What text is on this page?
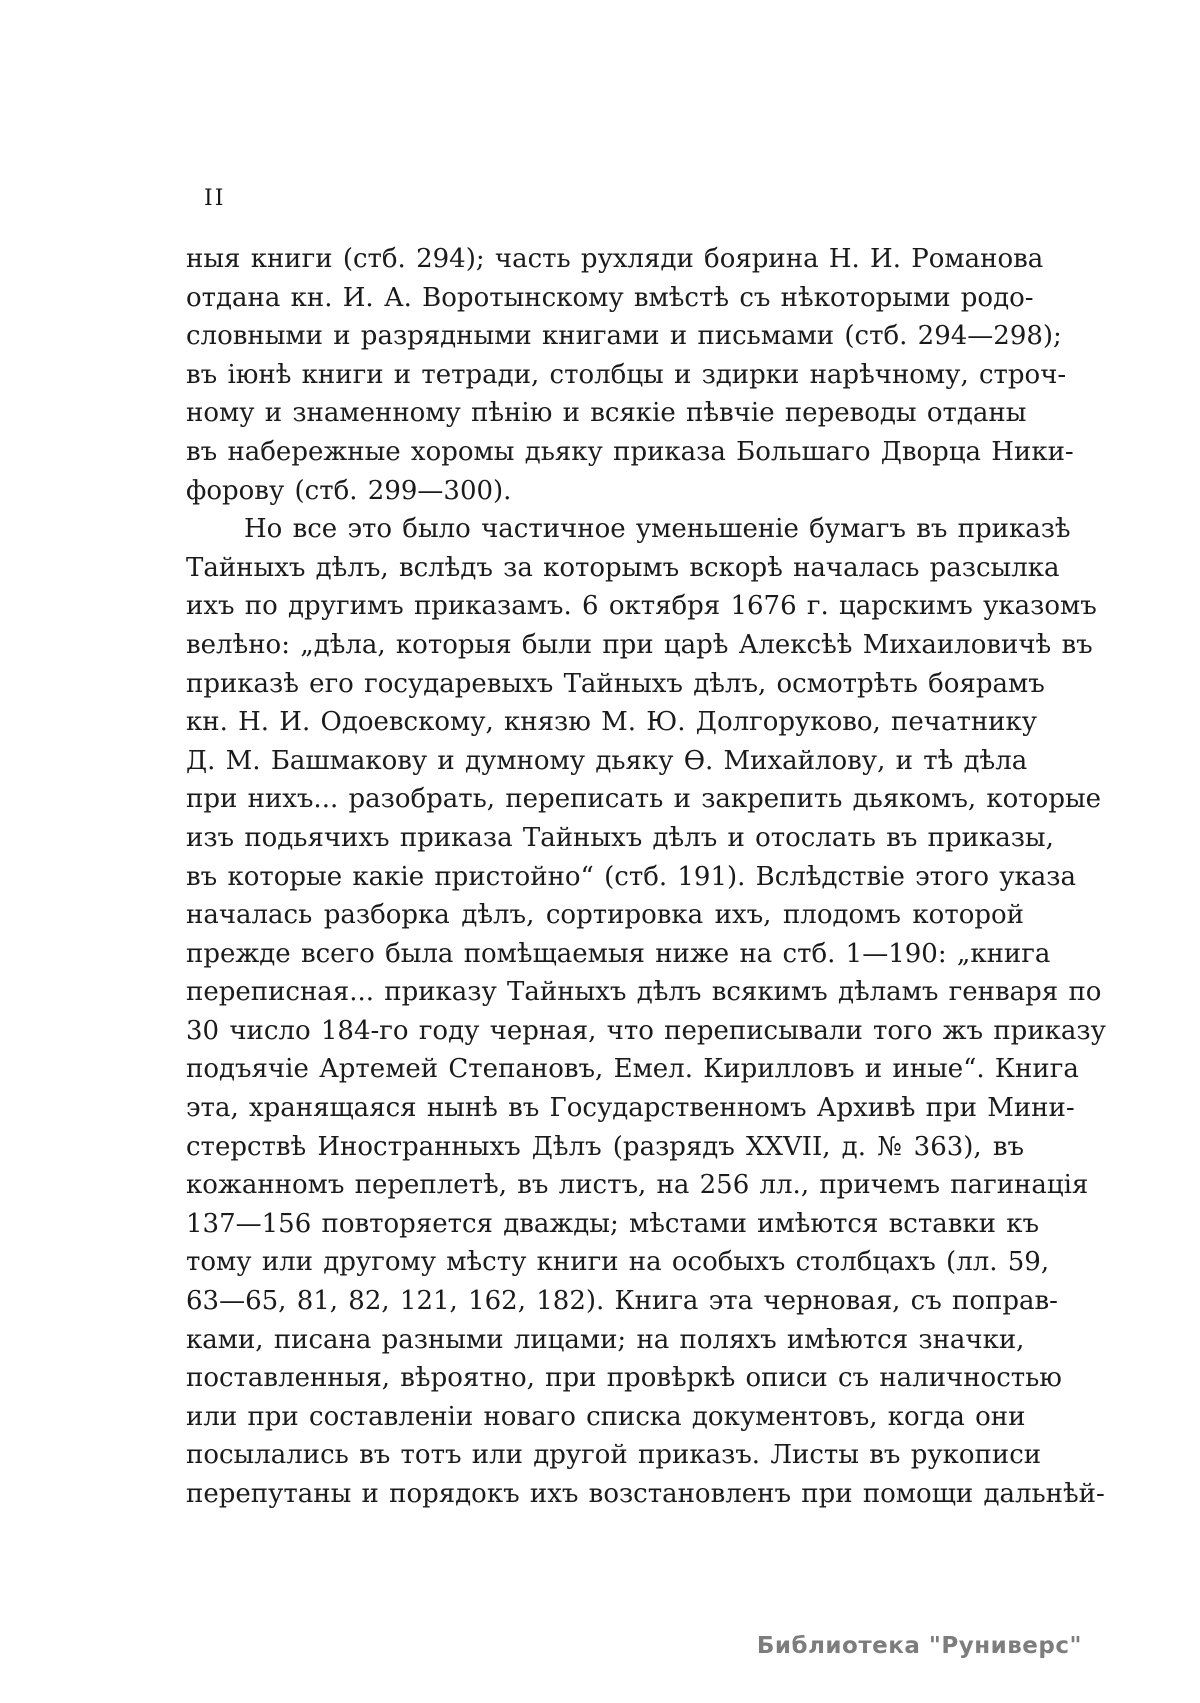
II
ныя книги (стб. 294); часть рухляди боярина Н. И. Романова
отдана кн. И. А. Воротынскому вмѣстѣ съ нѣкоторыми родо-
словными и разрядными книгами и письмами (стб. 294—298);
въ іюнѣ книги и тетради, столбцы и здирки нарѣчному, строч-
ному и знаменному пѣнію и всякіе пѣвчіе переводы отданы
въ набережные хоромы дьяку приказа Большаго Дворца Ники-
форову (стб. 299—300).
Но все это было частичное уменьшеніе бумагъ въ приказѣ
Тайныхъ дѣлъ, вслѣдъ за которымъ вскорѣ началась разсылка
ихъ по другимъ приказамъ. 6 октября 1676 г. царскимъ указомъ
велѣно: „дѣла, которыя были при царѣ Алексѣѣ Михаиловичѣ въ
приказѣ его государевыхъ Тайныхъ дѣлъ, осмотрѣть боярамъ
кн. Н. И. Одоевскому, князю М. Ю. Долгоруково, печатнику
Д. М. Башмакову и думному дьяку Ѳ. Михайлову, и тѣ дѣла
при нихъ... разобрать, переписать и закрепить дьякомъ, которые
изъ подьячихъ приказа Тайныхъ дѣлъ и отослать въ приказы,
въ которые какіе пристойно“ (стб. 191). Вслѣдствіе этого указа
началась разборка дѣлъ, сортировка ихъ, плодомъ которой
прежде всего была помѣщаемыя ниже на стб. 1—190: „книга
переписная... приказу Тайныхъ дѣлъ всякимъ дѣламъ генваря по
30 число 184-го году черная, что переписывали того жъ приказу
подъячіе Артемей Степановъ, Емел. Кирилловъ и иные“. Книга
эта, хранящаяся нынѣ въ Государственномъ Архивѣ при Мини-
стерствѣ Иностранныхъ Дѣлъ (разрядъ XXVII, д. № 363), въ
кожанномъ переплетѣ, въ листъ, на 256 лл., причемъ пагинація
137—156 повторяется дважды; мѣстами имѣются вставки къ
тому или другому мѣсту книги на особыхъ столбцахъ (лл. 59,
63—65, 81, 82, 121, 162, 182). Книга эта черновая, съ поправ-
ками, писана разными лицами; на поляхъ имѣются значки,
поставленныя, вѣроятно, при провѣркѣ описи съ наличностью
или при составленіи новаго списка документовъ, когда они
посылались въ тотъ или другой приказъ. Листы въ рукописи
перепутаны и порядокъ ихъ возстановленъ при помощи дальнѣй-
Библиотека "Руниверс"
